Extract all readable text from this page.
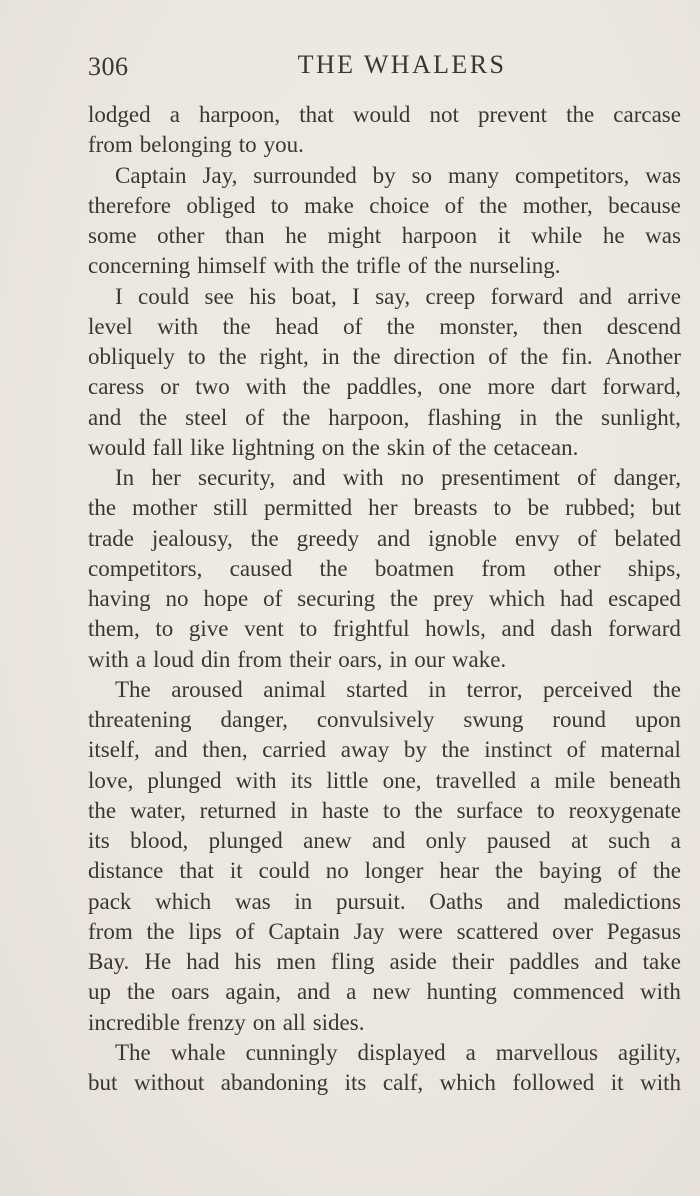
306	THE WHALERS
lodged a harpoon, that would not prevent the carcase
from belonging to you.
Captain Jay, surrounded by so many competitors, was
therefore obliged to make choice of the mother, because
some other than he might harpoon it while he was
concerning himself with the trifle of the nurseling.
I could see his boat, I say, creep forward and arrive
level with the head of the monster, then descend
obliquely to the right, in the direction of the fin. Another
caress or two with the paddles, one more dart forward,
and the steel of the harpoon, flashing in the sunlight,
would fall like lightning on the skin of the cetacean.
In her security, and with no presentiment of danger,
the mother still permitted her breasts to be rubbed; but
trade jealousy, the greedy and ignoble envy of belated
competitors, caused the boatmen from other ships,
having no hope of securing the prey which had escaped
them, to give vent to frightful howls, and dash forward
with a loud din from their oars, in our wake.
The aroused animal started in terror, perceived the
threatening danger, convulsively swung round upon
itself, and then, carried away by the instinct of maternal
love, plunged with its little one, travelled a mile beneath
the water, returned in haste to the surface to reoxygenate
its blood, plunged anew and only paused at such a
distance that it could no longer hear the baying of the
pack which was in pursuit. Oaths and maledictions
from the lips of Captain Jay were scattered over Pegasus
Bay. He had his men fling aside their paddles and take
up the oars again, and a new hunting commenced with
incredible frenzy on all sides.
The whale cunningly displayed a marvellous agility,
but without abandoning its calf, which followed it with
